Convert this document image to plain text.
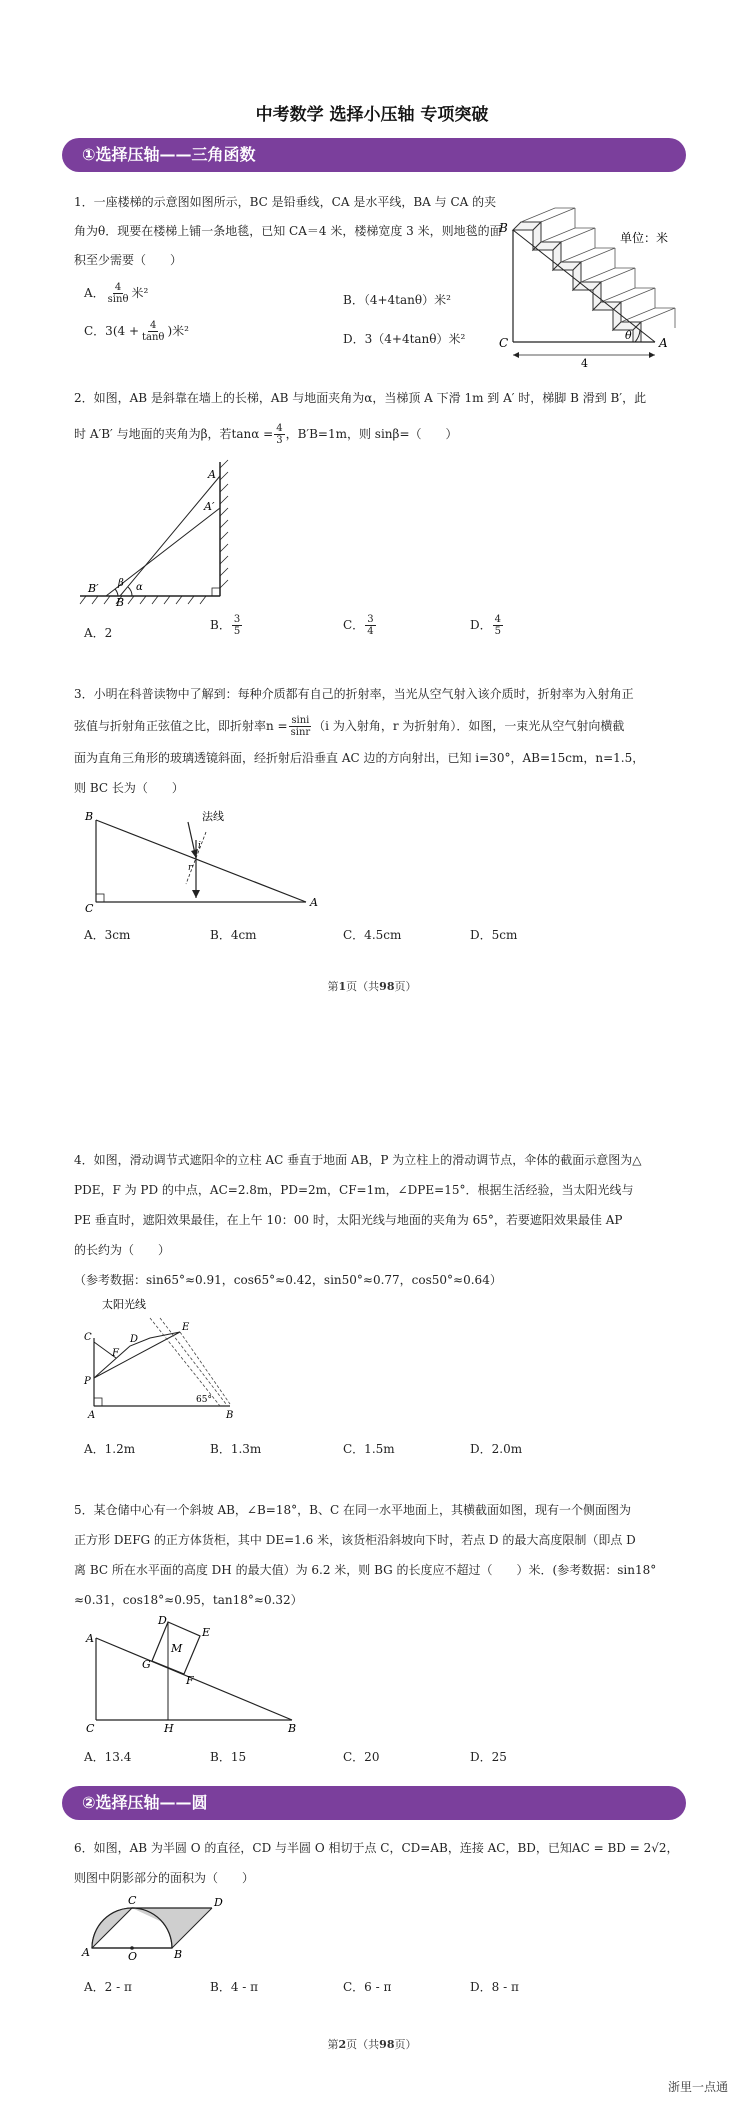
中考数学 选择小压轴 专项突破
①选择压轴——三角函数
1．一座楼梯的示意图如图所示，BC 是铅垂线，CA 是水平线，BA 与 CA 的夹角为θ．现要在楼梯上铺一条地毯，已知 CA＝4 米，楼梯宽度 3 米，则地毯的面积至少需要（　　）
A． $\frac{4}{\sin\theta}$ 米²	B．（4+4tanθ）米²
C．$3(4 + \frac{4}{\tan\theta}$ )米²
D．3（4+4tanθ）米²
B
C	A
θ
4
单位：米
2．如图，AB 是斜靠在墙上的长梯，AB 与地面夹角为α，当梯顶 A 下滑 1m 到 A′ 时，梯脚 B 滑到 B′，此
时 A′B′ 与地面的夹角为β，若$\tan\alpha = \frac{4}{3}$ ，B′B=1m，则 sinβ=（　　）
A
A′
B
B′	α
β
A．2
B． $\frac{3}{5}$	C． $\frac{3}{4}$	D． $\frac{4}{5}$
3．小明在科普读物中了解到：每种介质都有自己的折射率，当光从空气射入该介质时，折射率为入射角正
弦值与折射角正弦值之比，即折射率$n = \frac{\sin i}{\sin r} (i$ 为入射角，r 为折射角）．如图，一束光从空气射向横截
面为直角三角形的玻璃透镜斜面，经折射后沿垂直 AC 边的方向射出，已知 i=30°，AB=15cm，n=1.5，
则 BC 长为（　　）
B
C	A
法线
i
r
A．3cm	B．4cm	C．4.5cm	D．5cm
第1页（共98页）
4．如图，滑动调节式遮阳伞的立柱 AC 垂直于地面 AB，P 为立柱上的滑动调节点，伞体的截面示意图为△
PDE，F 为 PD 的中点，AC=2.8m，PD=2m，CF=1m，∠DPE=15°．根据生活经验，当太阳光线与
PE 垂直时，遮阳效果最佳，在上午 10：00 时，太阳光线与地面的夹角为 65°，若要遮阳效果最佳 AP
的长约为（　　）
（参考数据：sin65°≈0.91，cos65°≈0.42，sin50°≈0.77，cos50°≈0.64）
太阳光线
C
F
D
E
P
A	B
65°
A．1.2m	B．1.3m	C．1.5m	D．2.0m
5．某仓储中心有一个斜坡 AB，∠B=18°，B、C 在同一水平地面上，其横截面如图，现有一个侧面图为
正方形 DEFG 的正方体货柜，其中 DE=1.6 米，该货柜沿斜坡向下时，若点 D 的最大高度限制（即点 D
离 BC 所在水平面的高度 DH 的最大值）为 6.2 米，则 BG 的长度应不超过（　　）米．(参考数据：sin18°
≈0.31，cos18°≈0.95，tan18°≈0.32）
A
D
E
M
G
F
C	H	B
A．13.4	B．15	C．20	D．25
②选择压轴——圆
6．如图，AB 为半圆 O 的直径，CD 与半圆 O 相切于点 C，CD=AB，连接 AC，BD，已知AC = BD = 2√2，
则图中阴影部分的面积为（　　）
A	O	B
C	D
A．2 - π	B．4 - π	C．6 - π	D．8 - π
第2页（共98页）
浙里一点通
